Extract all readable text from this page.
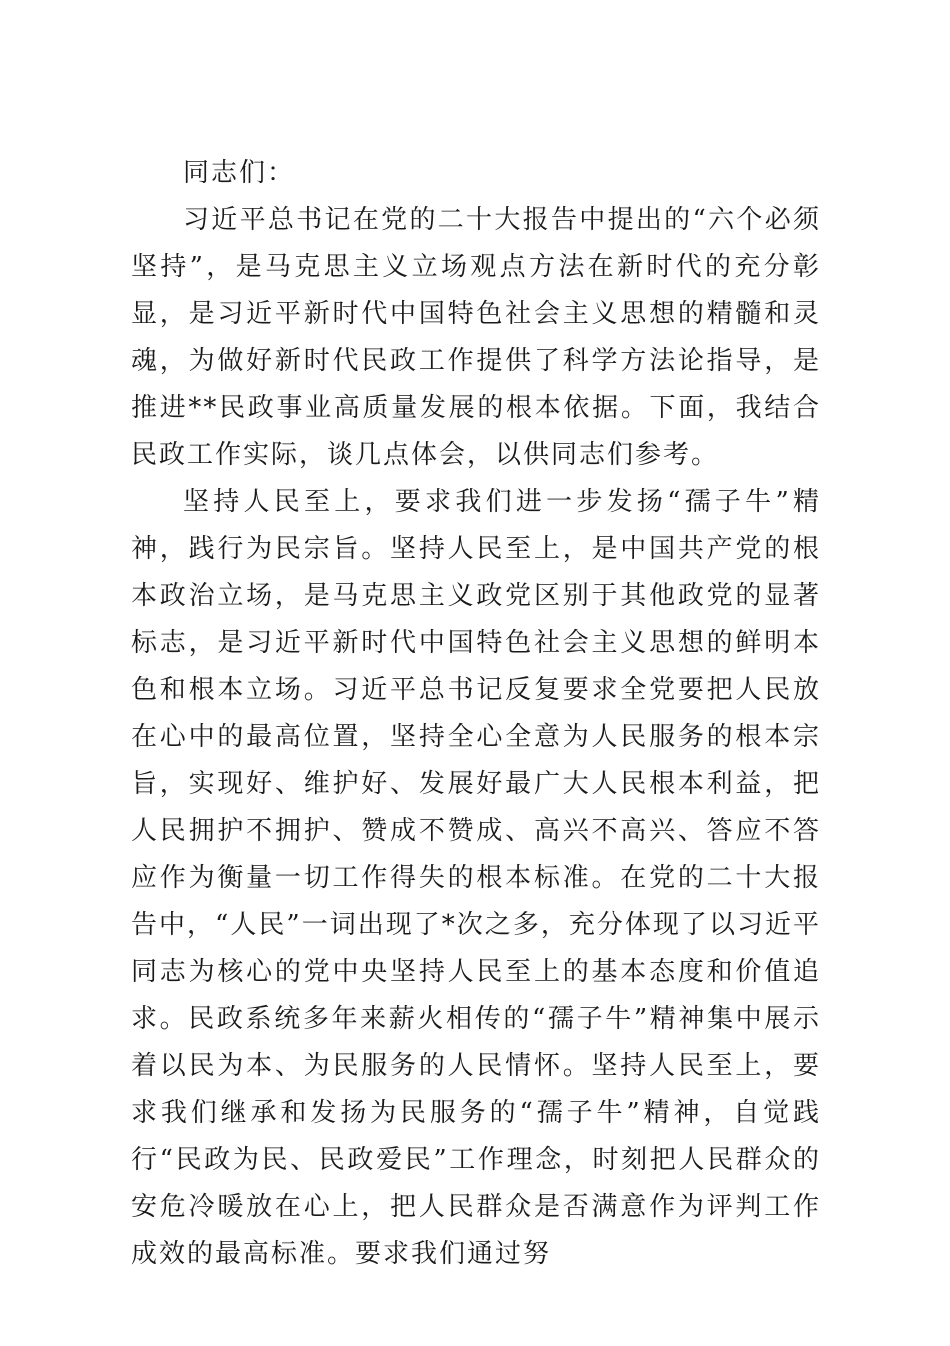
同志们：

习近平总书记在党的二十大报告中提出的“六个必须坚持”，是马克思主义立场观点方法在新时代的充分彰显，是习近平新时代中国特色社会主义思想的精髓和灵魂，为做好新时代民政工作提供了科学方法论指导，是推进**民政事业高质量发展的根本依据。下面，我结合民政工作实际，谈几点体会，以供同志们参考。

坚持人民至上，要求我们进一步发扬“孺子牛”精神，践行为民宗旨。坚持人民至上，是中国共产党的根本政治立场，是马克思主义政党区别于其他政党的显著标志，是习近平新时代中国特色社会主义思想的鲜明本色和根本立场。习近平总书记反复要求全党要把人民放在心中的最高位置，坚持全心全意为人民服务的根本宗旨，实现好、维护好、发展好最广大人民根本利益，把人民拥护不拥护、赞成不赞成、高兴不高兴、答应不答应作为衡量一切工作得失的根本标准。在党的二十大报告中，“人民”一词出现了*次之多，充分体现了以习近平同志为核心的党中央坚持人民至上的基本态度和价值追求。民政系统多年来薪火相传的“孺子牛”精神集中展示着以民为本、为民服务的人民情怀。坚持人民至上，要求我们继承和发扬为民服务的“孺子牛”精神，自觉践行“民政为民、民政爱民”工作理念，时刻把人民群众的安危冷暖放在心上，把人民群众是否满意作为评判工作成效的最高标准。要求我们通过努
